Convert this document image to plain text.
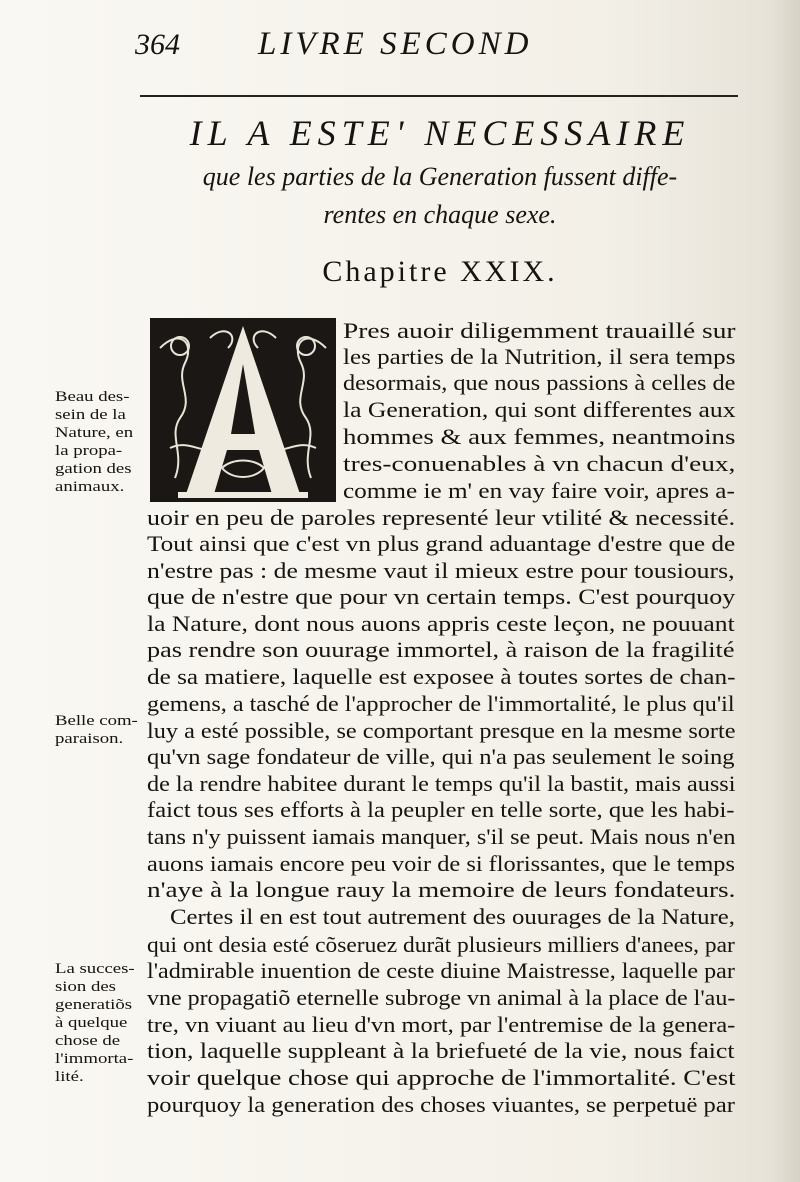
364 LIVRE SECOND
IL A ESTE' NECESSAIRE
que les parties de la Generation fussent diffe-
rentes en chaque sexe.
Chapitre XXIX.
Pres auoir diligemment trauaillé sur
les parties de la Nutrition, il sera temps
desormais, que nous passions à celles de
la Generation, qui sont differentes aux
hommes & aux femmes, neantmoins
tres-conuenables à vn chacun d'eux,
comme ie m' en vay faire voir, apres a-
uoir en peu de paroles representé leur vtilité & necessité.
Tout ainsi que c'est vn plus grand aduantage d'estre que de
n'estre pas : de mesme vaut il mieux estre pour tousiours,
que de n'estre que pour vn certain temps. C'est pourquoy
la Nature, dont nous auons appris ceste leçon, ne pouuant
pas rendre son ouurage immortel, à raison de la fragilité
de sa matiere, laquelle est exposee à toutes sortes de chan-
gemens, a tasché de l'approcher de l'immortalité, le plus qu'il
luy a esté possible, se comportant presque en la mesme sorte
qu'vn sage fondateur de ville, qui n'a pas seulement le soing
de la rendre habitee durant le temps qu'il la bastit, mais aussi
faict tous ses efforts à la peupler en telle sorte, que les habi-
tans n'y puissent iamais manquer, s'il se peut. Mais nous n'en
auons iamais encore peu voir de si florissantes, que le temps
n'aye à la longue rauy la memoire de leurs fondateurs.
Certes il en est tout autrement des ouurages de la Nature,
qui ont desia esté cõseruez durãt plusieurs milliers d'anees, par
l'admirable inuention de ceste diuine Maistresse, laquelle par
vne propagatiõ eternelle subroge vn animal à la place de l'au-
tre, vn viuant au lieu d'vn mort, par l'entremise de la genera-
tion, laquelle suppleant à la briefueté de la vie, nous faict
voir quelque chose qui approche de l'immortalité. C'est
pourquoy la generation des choses viuantes, se perpetuë par
Beau des-
sein de la
Nature, en
la propa-
gation des
animaux.
Belle com-
paraison.
La succes-
sion des
generatiõs
à quelque
chose de
l'immorta-
lité.
